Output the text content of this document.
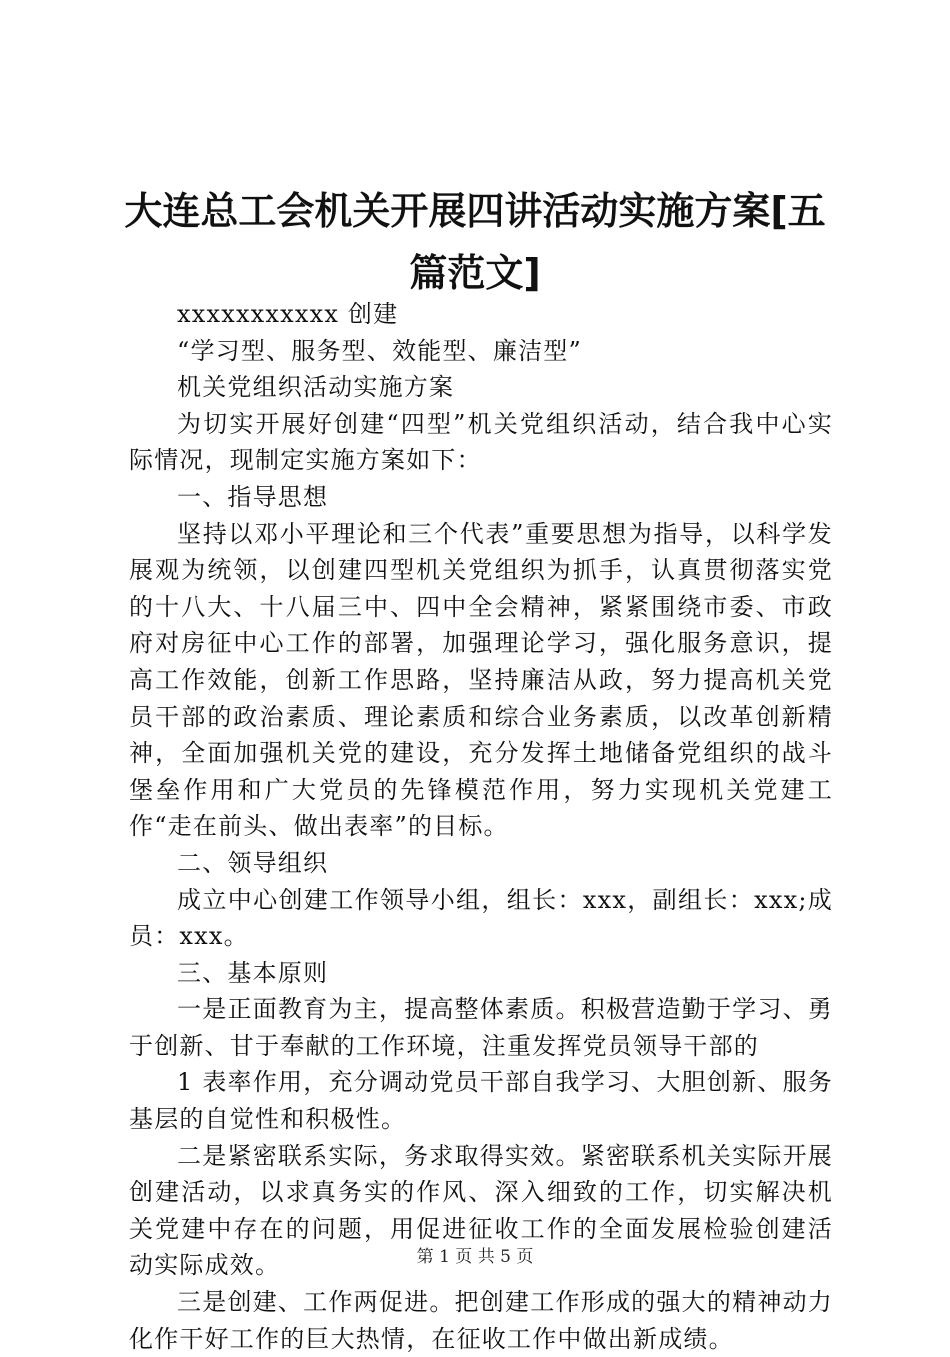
大连总工会机关开展四讲活动实施方案[五篇范文]

xxxxxxxxxxx 创建

“学习型、服务型、效能型、廉洁型”

机关党组织活动实施方案

为切实开展好创建“四型”机关党组织活动，结合我中心实际情况，现制定实施方案如下：

一、指导思想

坚持以邓小平理论和三个代表”重要思想为指导，以科学发展观为统领，以创建四型机关党组织为抓手，认真贯彻落实党的十八大、十八届三中、四中全会精神，紧紧围绕市委、市政府对房征中心工作的部署，加强理论学习，强化服务意识，提高工作效能，创新工作思路，坚持廉洁从政，努力提高机关党员干部的政治素质、理论素质和综合业务素质，以改革创新精神，全面加强机关党的建设，充分发挥土地储备党组织的战斗堡垒作用和广大党员的先锋模范作用，努力实现机关党建工作“走在前头、做出表率”的目标。

二、领导组织

成立中心创建工作领导小组，组长：xxx，副组长：xxx;成员：xxx。

三、基本原则

一是正面教育为主，提高整体素质。积极营造勤于学习、勇于创新、甘于奉献的工作环境，注重发挥党员领导干部的

1 表率作用，充分调动党员干部自我学习、大胆创新、服务基层的自觉性和积极性。

二是紧密联系实际，务求取得实效。紧密联系机关实际开展创建活动，以求真务实的作风、深入细致的工作，切实解决机关党建中存在的问题，用促进征收工作的全面发展检验创建活动实际成效。

三是创建、工作两促进。把创建工作形成的强大的精神动力化作干好工作的巨大热情，在征收工作中做出新成绩。

第 1 页 共 5 页
